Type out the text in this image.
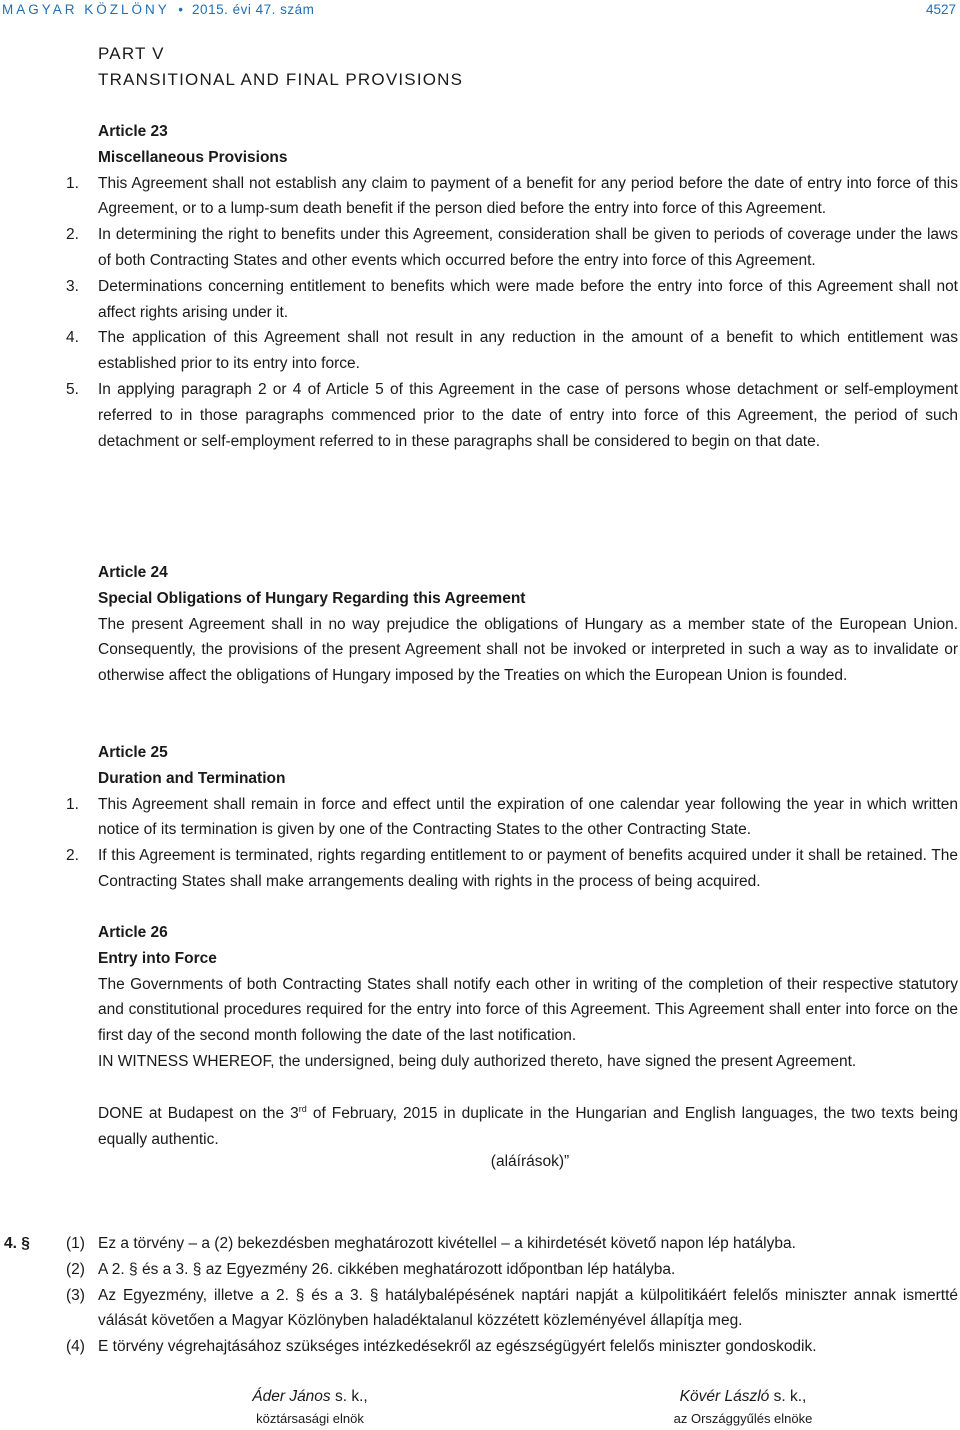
MAGYAR KÖZLÖNY • 2015. évi 47. szám	4527
PART V
TRANSITIONAL AND FINAL PROVISIONS
Article 23
Miscellaneous Provisions
1. This Agreement shall not establish any claim to payment of a benefit for any period before the date of entry into force of this Agreement, or to a lump-sum death benefit if the person died before the entry into force of this Agreement.
2. In determining the right to benefits under this Agreement, consideration shall be given to periods of coverage under the laws of both Contracting States and other events which occurred before the entry into force of this Agreement.
3. Determinations concerning entitlement to benefits which were made before the entry into force of this Agreement shall not affect rights arising under it.
4. The application of this Agreement shall not result in any reduction in the amount of a benefit to which entitlement was established prior to its entry into force.
5. In applying paragraph 2 or 4 of Article 5 of this Agreement in the case of persons whose detachment or self-employment referred to in those paragraphs commenced prior to the date of entry into force of this Agreement, the period of such detachment or self-employment referred to in these paragraphs shall be considered to begin on that date.
Article 24
Special Obligations of Hungary Regarding this Agreement
The present Agreement shall in no way prejudice the obligations of Hungary as a member state of the European Union. Consequently, the provisions of the present Agreement shall not be invoked or interpreted in such a way as to invalidate or otherwise affect the obligations of Hungary imposed by the Treaties on which the European Union is founded.
Article 25
Duration and Termination
1. This Agreement shall remain in force and effect until the expiration of one calendar year following the year in which written notice of its termination is given by one of the Contracting States to the other Contracting State.
2. If this Agreement is terminated, rights regarding entitlement to or payment of benefits acquired under it shall be retained. The Contracting States shall make arrangements dealing with rights in the process of being acquired.
Article 26
Entry into Force
The Governments of both Contracting States shall notify each other in writing of the completion of their respective statutory and constitutional procedures required for the entry into force of this Agreement. This Agreement shall enter into force on the first day of the second month following the date of the last notification.
IN WITNESS WHEREOF, the undersigned, being duly authorized thereto, have signed the present Agreement.
DONE at Budapest on the 3rd of February, 2015 in duplicate in the Hungarian and English languages, the two texts being equally authentic.
(aláírások)”
4. § (1) Ez a törvény – a (2) bekezdésben meghatározott kivétellel – a kihirdetését követő napon lép hatályba.
(2) A 2. § és a 3. § az Egyezmény 26. cikkében meghatározott időpontban lép hatályba.
(3) Az Egyezmény, illetve a 2. § és a 3. § hatálybalépésének naptári napját a külpolitikáért felelős miniszter annak ismertté válását követően a Magyar Közlönyben haladéktalanul közzétett közleményével állapítja meg.
(4) E törvény végrehajtásához szükséges intézkedésekről az egészségügyért felelős miniszter gondoskodik.
Áder János s. k.,
köztársasági elnök
Kövér László s. k.,
az Országgyűlés elnöke
